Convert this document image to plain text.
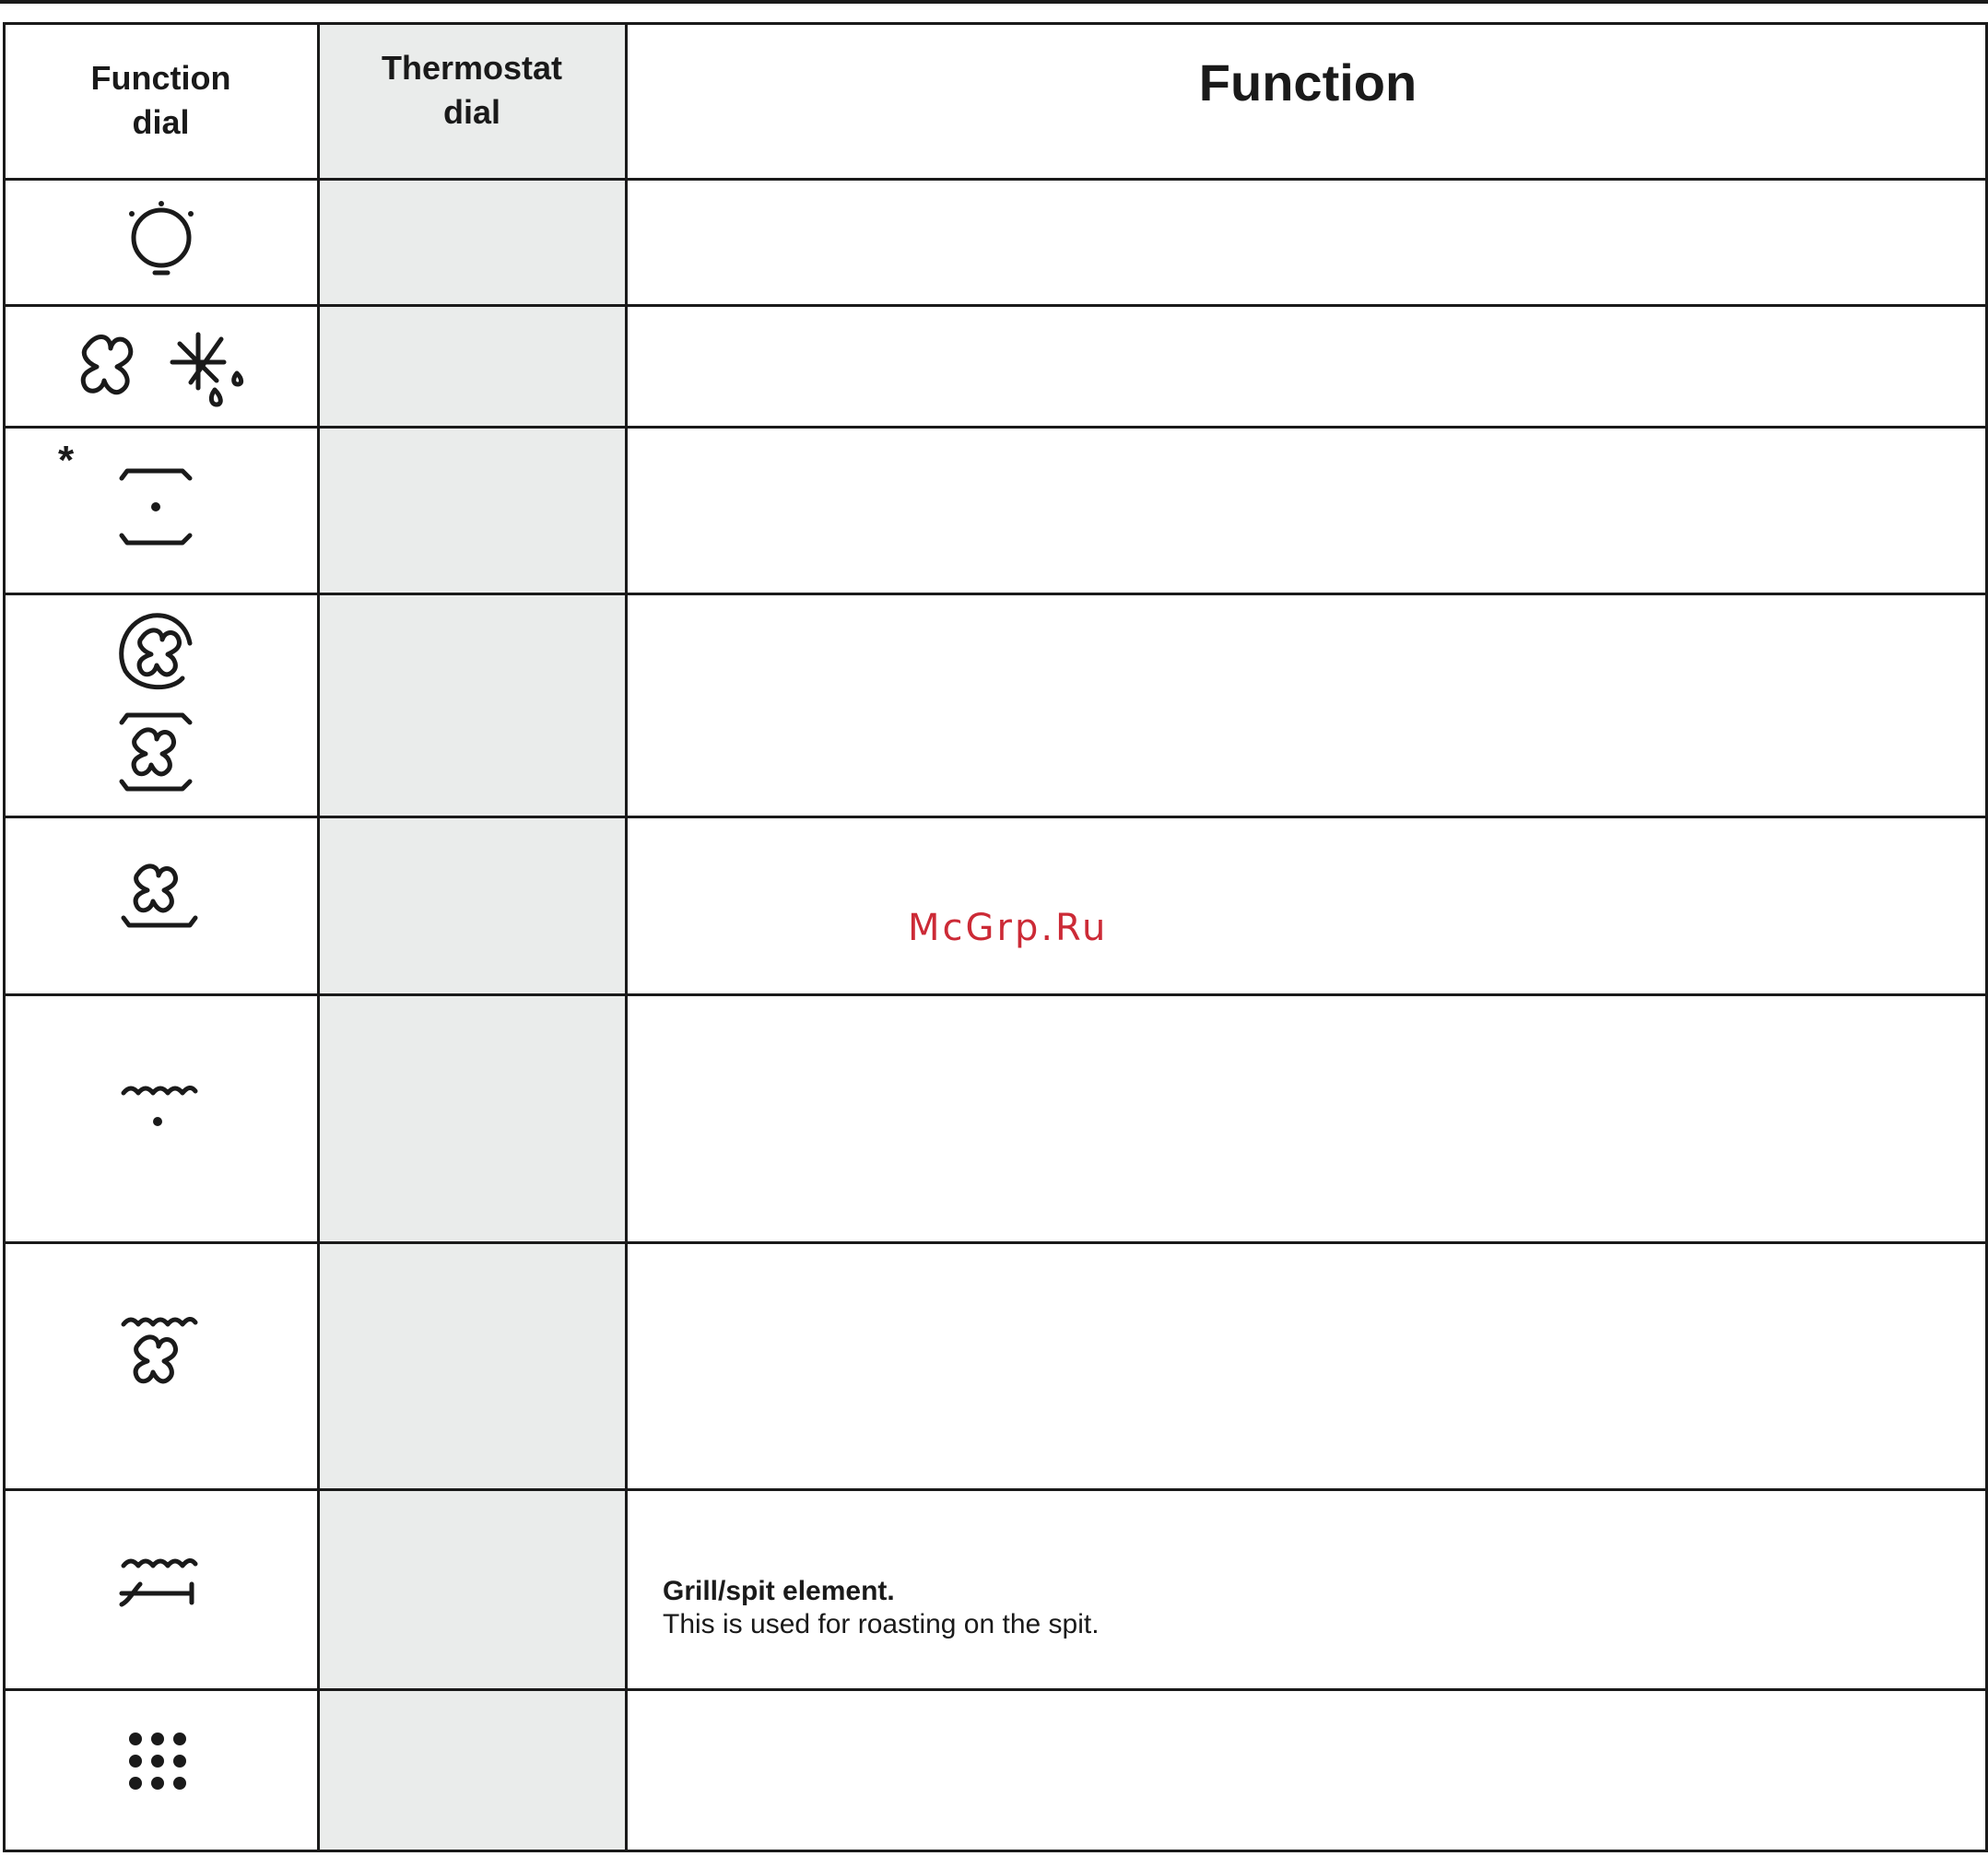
Function
dial
Thermostat
dial
Function
*
Grill/spit element.
This is used for roasting on the spit.
McGrp.Ru
